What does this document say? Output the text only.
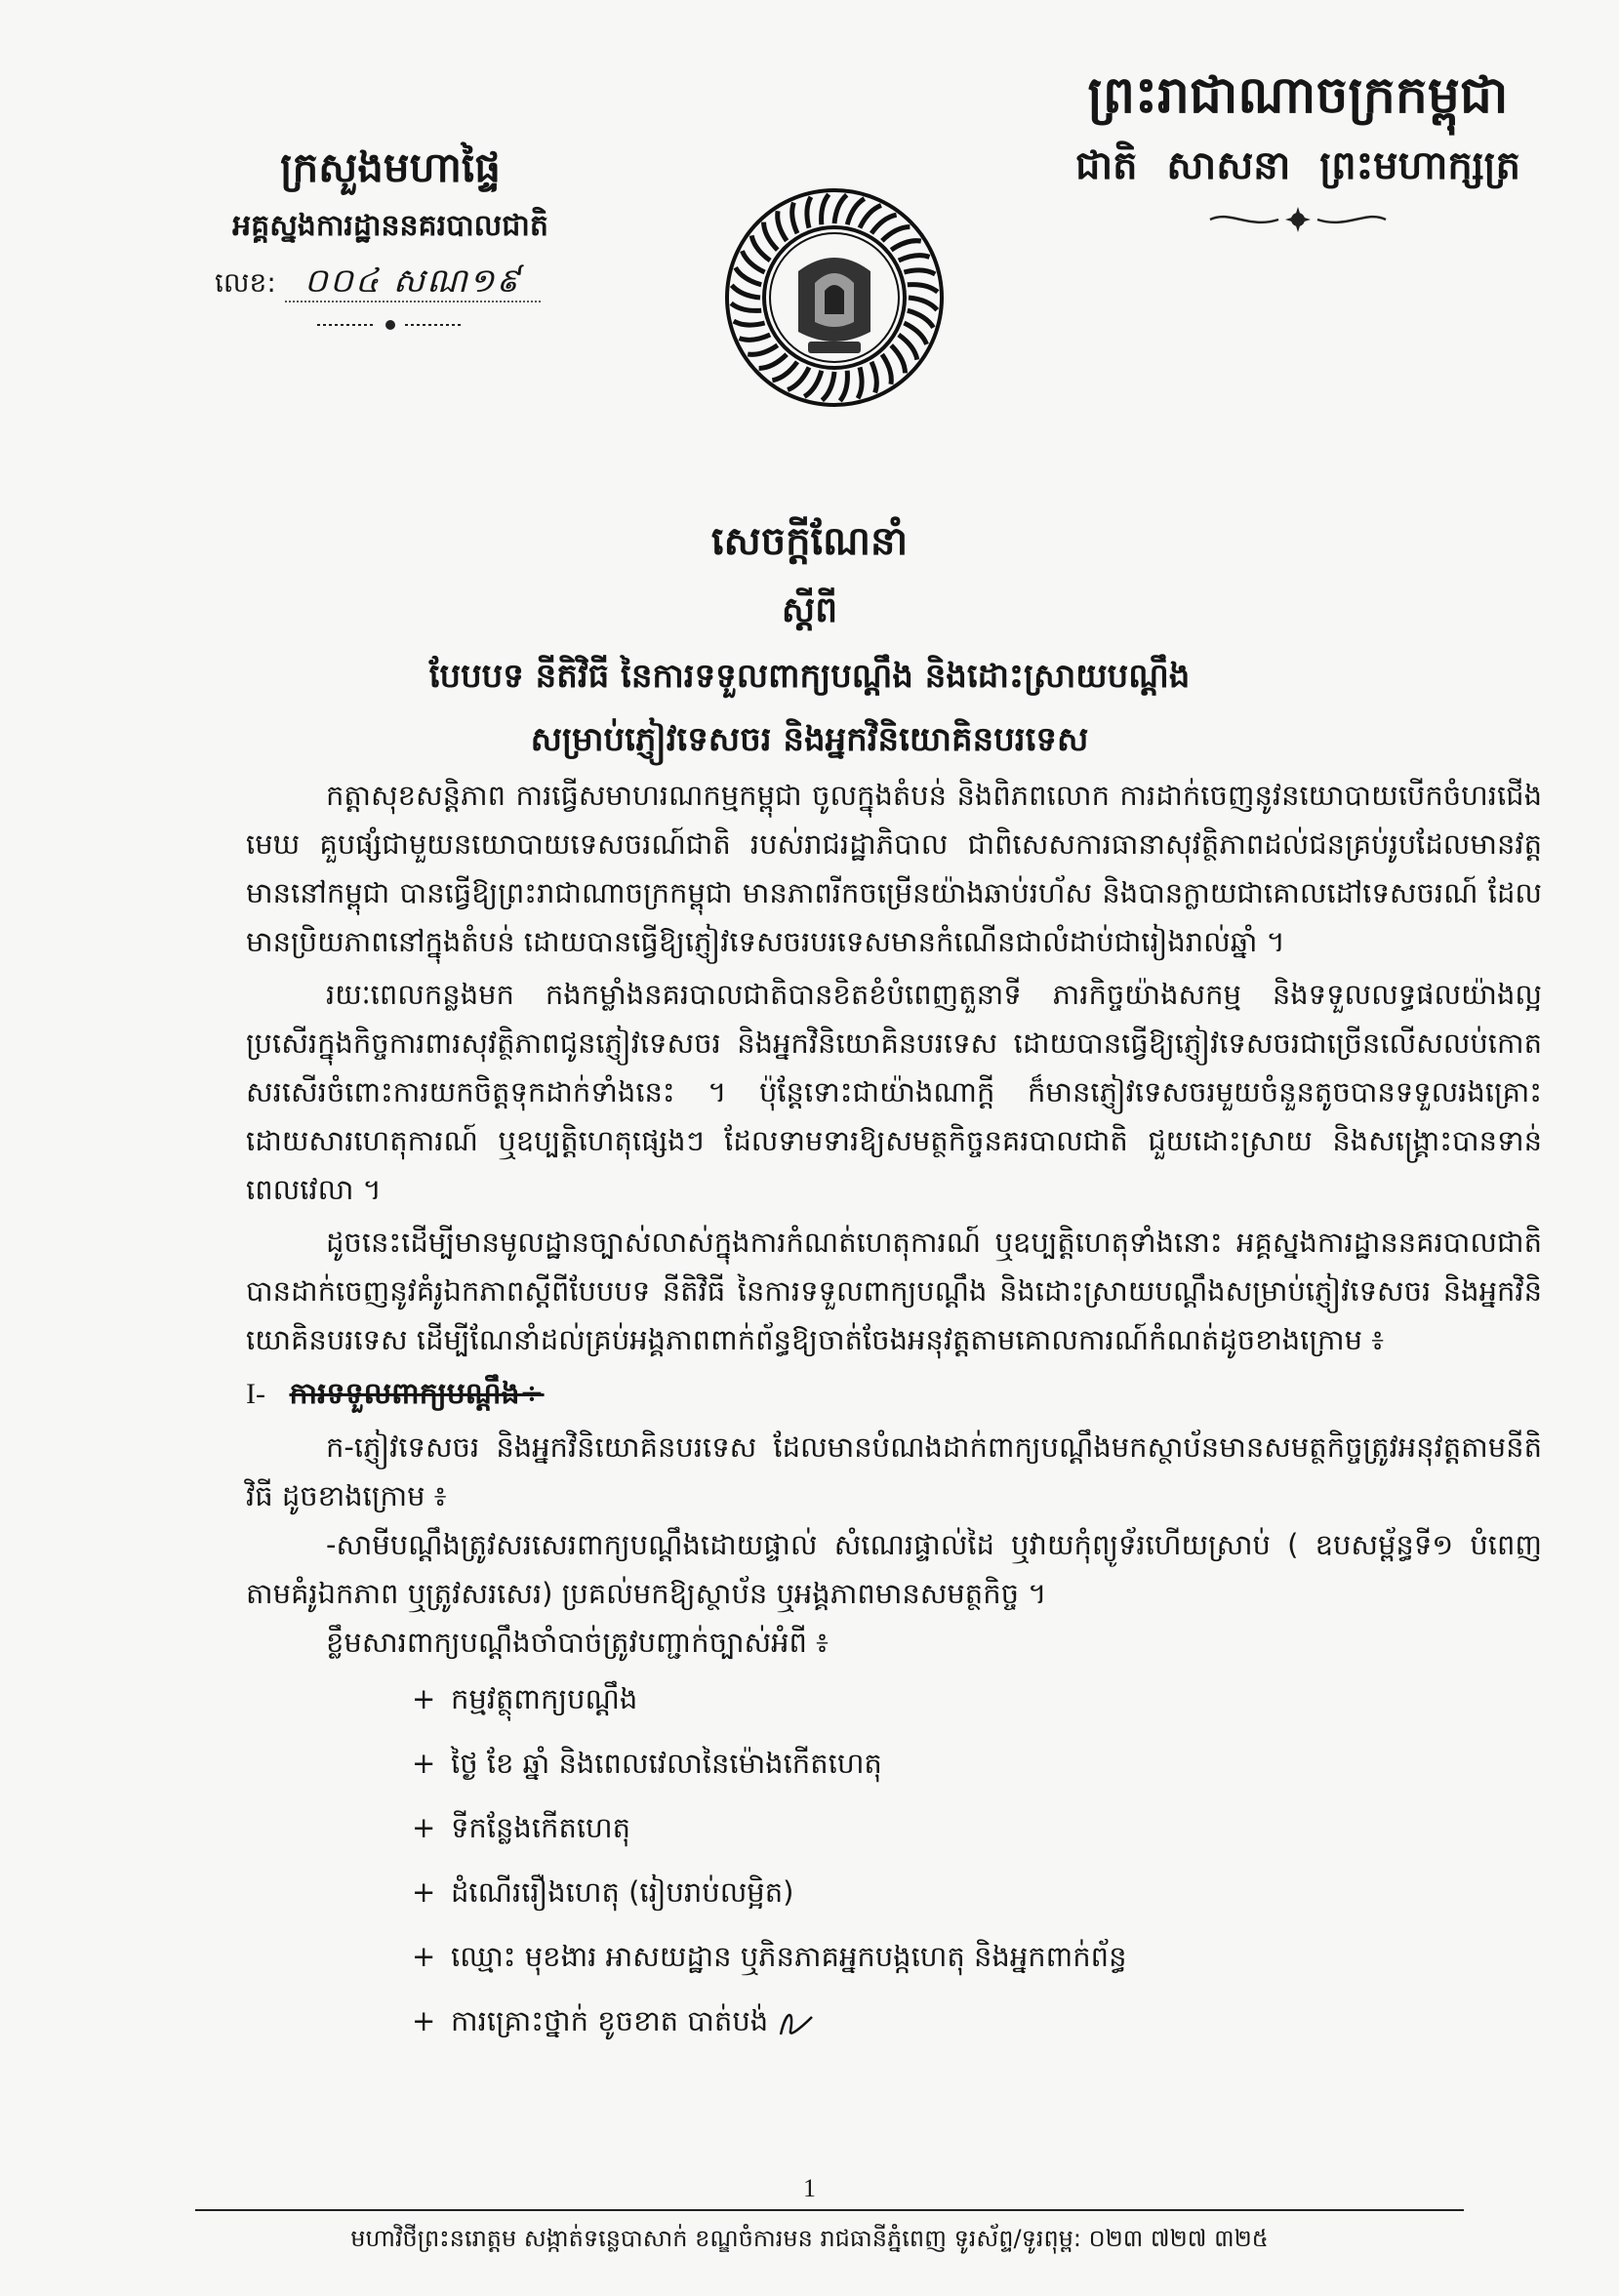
ព្រះរាជាណាចក្រកម្ពុជា
ជាតិ សាសនា ព្រះមហាក្សត្រ
ក្រសួងមហាផ្ទៃ
អគ្គស្នងការដ្ឋាននគរបាលជាតិ
លេខ: ០០៤ សណ១៩
សេចក្តីណែនាំ
ស្តីពី
បែបបទ នីតិវិធី នៃការទទួលពាក្យបណ្តឹង និងដោះស្រាយបណ្តឹង
សម្រាប់ភ្ញៀវទេសចរ និងអ្នកវិនិយោគិនបរទេស

កត្តាសុខសន្តិភាព ការធ្វើសមាហរណកម្មកម្ពុជា ចូលក្នុងតំបន់ និងពិភពលោក ការដាក់ចេញនូវនយោបាយបើកចំហរជើងមេឃ គួបផ្សំជាមួយនយោបាយទេសចរណ៍ជាតិ របស់រាជរដ្ឋាភិបាល ជាពិសេសការធានាសុវត្ថិភាពដល់ជនគ្រប់រូបដែលមានវត្តមាននៅកម្ពុជា បានធ្វើឱ្យព្រះរាជាណាចក្រកម្ពុជា មានភាពរីកចម្រើនយ៉ាងឆាប់រហ័ស និងបានក្លាយជាគោលដៅទេសចរណ៍ ដែលមានប្រិយភាពនៅក្នុងតំបន់ ដោយបានធ្វើឱ្យភ្ញៀវទេសចរបរទេសមានកំណើនជាលំដាប់ជារៀងរាល់ឆ្នាំ ។

រយៈពេលកន្លងមក កងកម្លាំងនគរបាលជាតិបានខិតខំបំពេញតួនាទី ភារកិច្ចយ៉ាងសកម្ម និងទទួលលទ្ធផលយ៉ាងល្អប្រសើរក្នុងកិច្ចការពារសុវត្ថិភាពជូនភ្ញៀវទេសចរ និងអ្នកវិនិយោគិនបរទេស ដោយបានធ្វើឱ្យភ្ញៀវទេសចរជាច្រើនលើសលប់កោតសរសើរចំពោះការយកចិត្តទុកដាក់ទាំងនេះ ។ ប៉ុន្តែទោះជាយ៉ាងណាក្តី ក៏មានភ្ញៀវទេសចរមួយចំនួនតូចបានទទួលរងគ្រោះដោយសារហេតុការណ៍ ឬឧប្បត្តិហេតុផ្សេងៗ ដែលទាមទារឱ្យសមត្ថកិច្ចនគរបាលជាតិ ជួយដោះស្រាយ និងសង្គ្រោះបានទាន់ពេលវេលា ។

ដូចនេះដើម្បីមានមូលដ្ឋានច្បាស់លាស់ក្នុងការកំណត់ហេតុការណ៍ ឬឧប្បត្តិហេតុទាំងនោះ អគ្គស្នងការដ្ឋាននគរបាលជាតិ បានដាក់ចេញនូវគំរូឯកភាពស្តីពីបែបបទ នីតិវិធី នៃការទទួលពាក្យបណ្តឹង និងដោះស្រាយបណ្តឹងសម្រាប់ភ្ញៀវទេសចរ និងអ្នកវិនិយោគិនបរទេស ដើម្បីណែនាំដល់គ្រប់អង្គភាពពាក់ព័ន្ធឱ្យចាត់ចែងអនុវត្តតាមគោលការណ៍កំណត់ដូចខាងក្រោម ៖

I- ការទទួលពាក្យបណ្តឹង÷

ក-ភ្ញៀវទេសចរ និងអ្នកវិនិយោគិនបរទេស ដែលមានបំណងដាក់ពាក្យបណ្តឹងមកស្ថាប័នមានសមត្ថកិច្ចត្រូវអនុវត្តតាមនីតិវិធី ដូចខាងក្រោម ៖

-សាមីបណ្តឹងត្រូវសរសេរពាក្យបណ្តឹងដោយផ្ទាល់ សំណេរផ្ទាល់ដៃ ឬវាយកុំព្យូទ័រហើយស្រាប់ ( ឧបសម្ព័ន្ធទី១ បំពេញតាមគំរូឯកភាព ឬត្រូវសរសេរ) ប្រគល់មកឱ្យស្ថាប័ន ឬអង្គភាពមានសមត្ថកិច្ច ។

ខ្លឹមសារពាក្យបណ្តឹងចាំបាច់ត្រូវបញ្ជាក់ច្បាស់អំពី ៖

+ កម្មវត្ថុពាក្យបណ្តឹង
+ ថ្ងៃ ខែ ឆ្នាំ និងពេលវេលានៃម៉ោងកើតហេតុ
+ ទីកន្លែងកើតហេតុ
+ ដំណើររឿងហេតុ (រៀបរាប់លម្អិត)
+ ឈ្មោះ មុខងារ អាសយដ្ឋាន ឬភិនភាគអ្នកបង្កហេតុ និងអ្នកពាក់ព័ន្ធ
+ ការគ្រោះថ្នាក់ ខូចខាត បាត់បង់
1
មហាវិថីព្រះនរោត្តម សង្កាត់ទន្លេបាសាក់ ខណ្ឌចំការមន រាជធានីភ្នំពេញ ទូរស័ព្ទ/ទូរពុម្ព: ០២៣ ៧២៧ ៣២៥
